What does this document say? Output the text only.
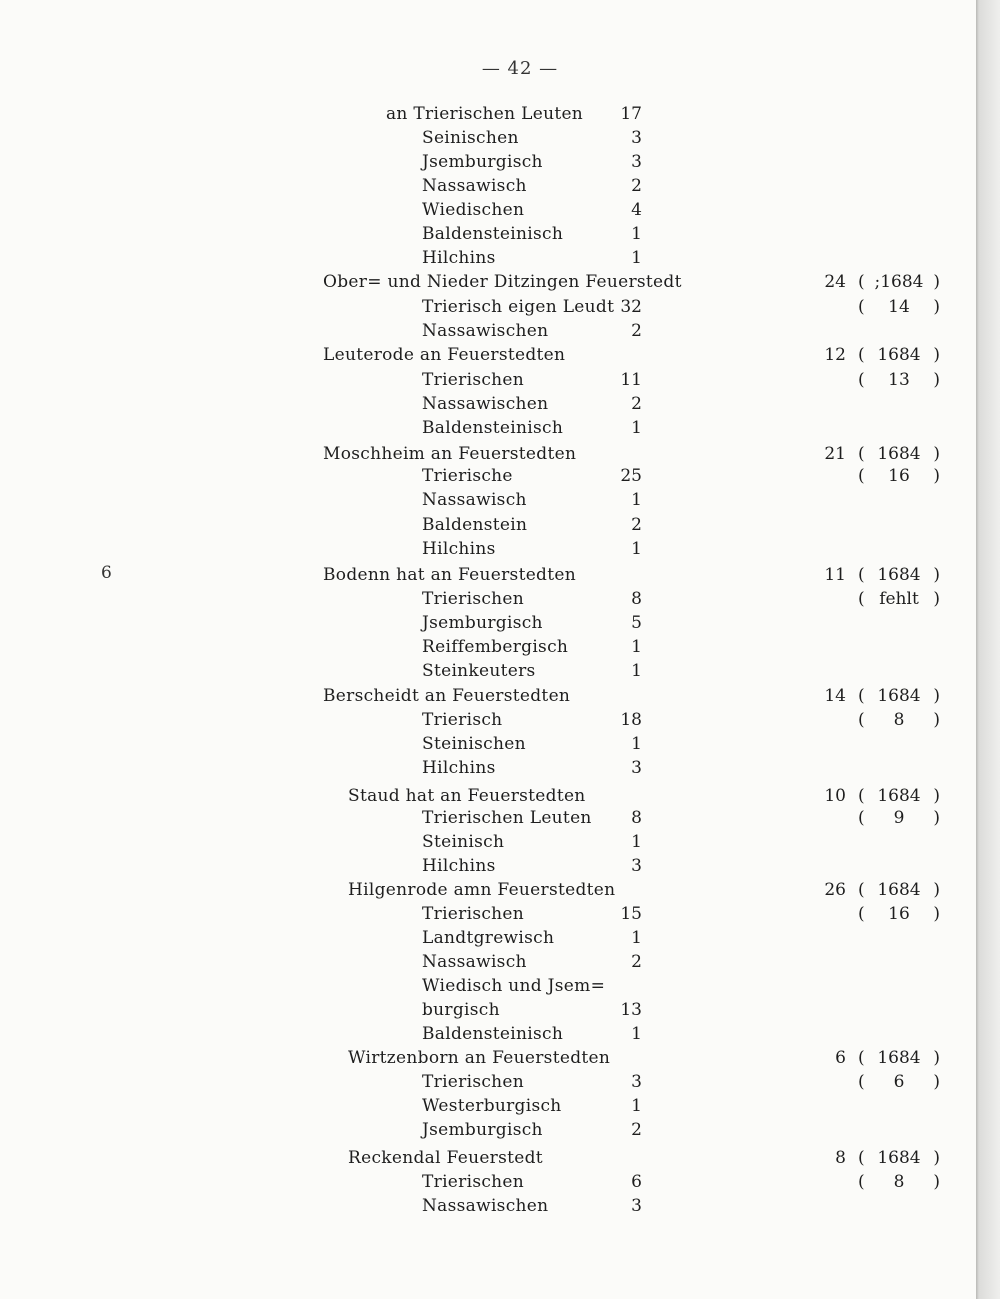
— 42 —
6
an Trierischen Leuten	17
Seinischen	3
Jsemburgisch	3
Nassawisch	2
Wiedischen	4
Baldensteinisch	1
Hilchins	1
Ober= und Nieder Ditzingen Feuerstedt	24 ( ;1684 )
Trierisch eigen Leudt 32	(	14	)
Nassawischen	2
Leuterode an Feuerstedten	12 ( 1684 )
Trierischen	11	(	13	)
Nassawischen	2
Baldensteinisch	1
Moschheim an Feuerstedten	21 ( 1684 )
Trierische	25	(	16	)
Nassawisch	1
Baldenstein	2
Hilchins	1
Bodenn hat an Feuerstedten	11 ( 1684 )
Trierischen	8	( fehlt )
Jsemburgisch	5
Reiffembergisch	1
Steinkeuters	1
Berscheidt an Feuerstedten	14 ( 1684 )
Trierisch	18	(	8	)
Steinischen	1
Hilchins	3
Staud hat an Feuerstedten	10 ( 1684 )
Trierischen Leuten	8	(	9	)
Steinisch	1
Hilchins	3
Hilgenrode amn Feuerstedten	26 ( 1684 )
Trierischen	15	(	16	)
Landtgrewisch	1
Nassawisch	2
Wiedisch und Jsem=
burgisch	13
Baldensteinisch	1
Wirtzenborn an Feuerstedten	6 ( 1684 )
Trierischen	3	(	6	)
Westerburgisch	1
Jsemburgisch	2
Reckendal Feuerstedt	8 ( 1684 )
Trierischen	6	(	8	)
Nassawischen	3
